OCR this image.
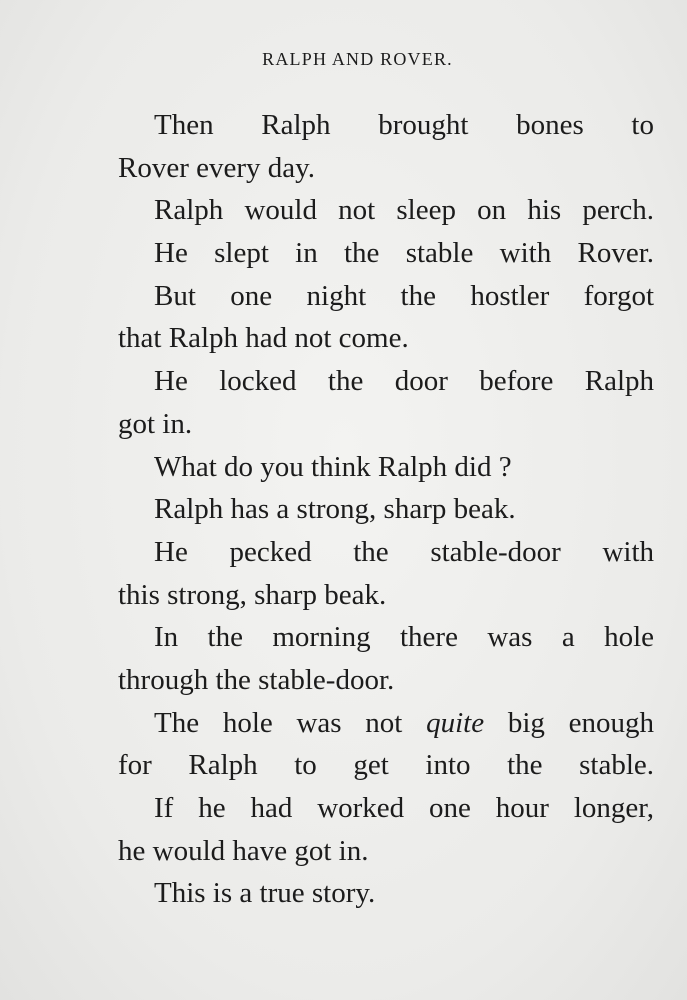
RALPH AND ROVER.
Then Ralph brought bones to
Rover every day.
Ralph would not sleep on his perch.
He slept in the stable with Rover.
But one night the hostler forgot
that Ralph had not come.
He locked the door before Ralph
got in.
What do you think Ralph did ?
Ralph has a strong, sharp beak.
He pecked the stable-door with
this strong, sharp beak.
In the morning there was a hole
through the stable-door.
The hole was not quite big enough
for Ralph to get into the stable.
If he had worked one hour longer,
he would have got in.
This is a true story.
